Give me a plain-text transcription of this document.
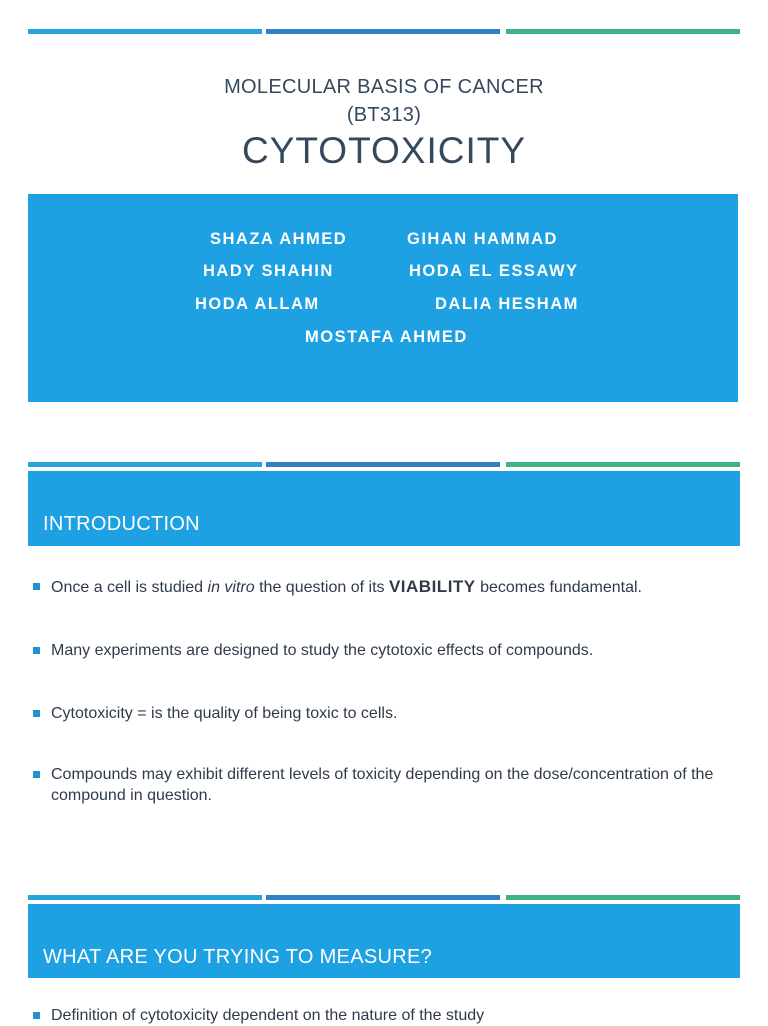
MOLECULAR BASIS OF CANCER
(BT313)
CYTOTOXICITY
SHAZA AHMED	GIHAN HAMMAD
HADY SHAHIN	HODA EL ESSAWY
HODA ALLAM	DALIA HESHAM
MOSTAFA AHMED
INTRODUCTION
Once a cell is studied in vitro the question of its VIABILITY becomes fundamental.
Many experiments are designed to study the cytotoxic effects of compounds.
Cytotoxicity = is the quality of being toxic to cells.
Compounds may exhibit different levels of toxicity depending on the dose/concentration of the compound in question.
WHAT ARE YOU TRYING TO MEASURE?
Definition of cytotoxicity dependent on the nature of the study
